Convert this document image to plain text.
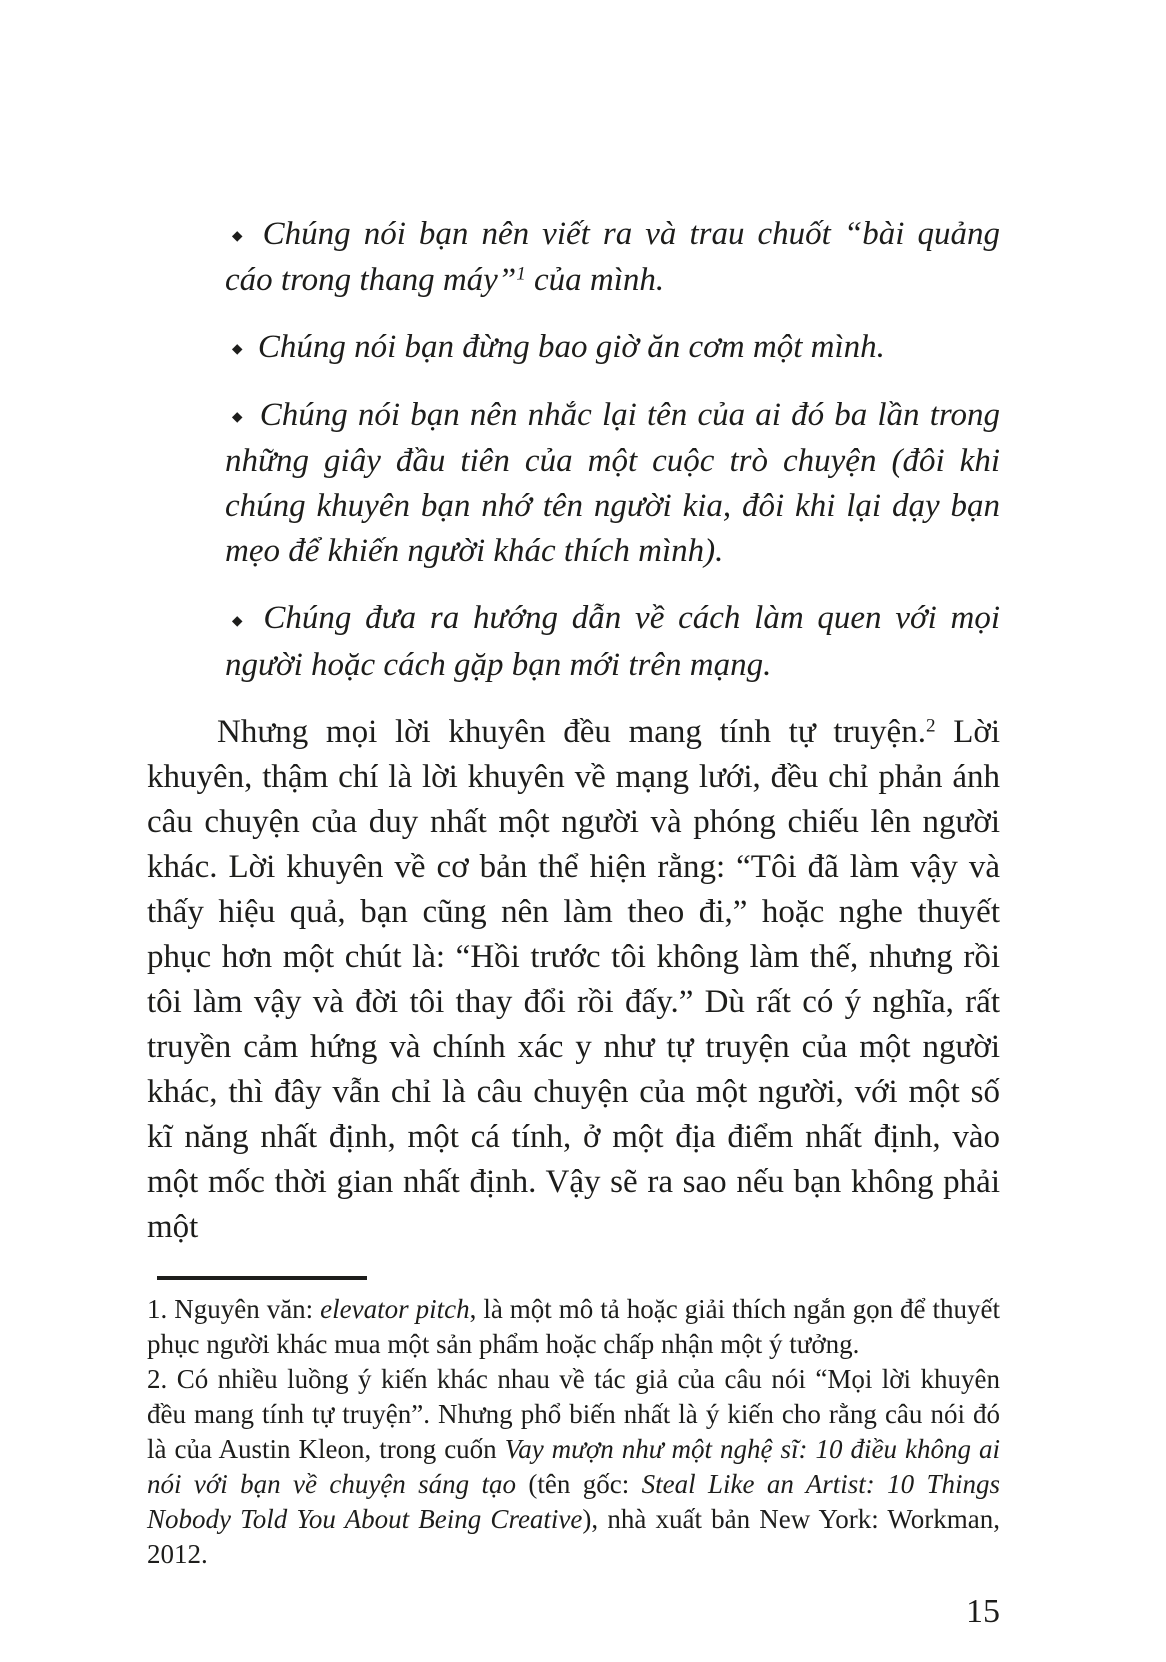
◆ Chúng nói bạn nên viết ra và trau chuốt “bài quảng cáo trong thang máy”$^1$ của mình.
◆ Chúng nói bạn đừng bao giờ ăn cơm một mình.
◆ Chúng nói bạn nên nhắc lại tên của ai đó ba lần trong những giây đầu tiên của một cuộc trò chuyện (đôi khi chúng khuyên bạn nhớ tên người kia, đôi khi lại dạy bạn mẹo để khiến người khác thích mình).
◆ Chúng đưa ra hướng dẫn về cách làm quen với mọi người hoặc cách gặp bạn mới trên mạng.

Nhưng mọi lời khuyên đều mang tính tự truyện.$^2$ Lời khuyên, thậm chí là lời khuyên về mạng lưới, đều chỉ phản ánh câu chuyện của duy nhất một người và phóng chiếu lên người khác. Lời khuyên về cơ bản thể hiện rằng: “Tôi đã làm vậy và thấy hiệu quả, bạn cũng nên làm theo đi,” hoặc nghe thuyết phục hơn một chút là: “Hồi trước tôi không làm thế, nhưng rồi tôi làm vậy và đời tôi thay đổi rồi đấy.” Dù rất có ý nghĩa, rất truyền cảm hứng và chính xác y như tự truyện của một người khác, thì đây vẫn chỉ là câu chuyện của một người, với một số kĩ năng nhất định, một cá tính, ở một địa điểm nhất định, vào một mốc thời gian nhất định. Vậy sẽ ra sao nếu bạn không phải một

1. Nguyên văn: elevator pitch, là một mô tả hoặc giải thích ngắn gọn để thuyết phục người khác mua một sản phẩm hoặc chấp nhận một ý tưởng.

2. Có nhiều luồng ý kiến khác nhau về tác giả của câu nói “Mọi lời khuyên đều mang tính tự truyện”. Nhưng phổ biến nhất là ý kiến cho rằng câu nói đó là của Austin Kleon, trong cuốn Vay mượn như một nghệ sĩ: 10 điều không ai nói với bạn về chuyện sáng tạo (tên gốc: Steal Like an Artist: 10 Things Nobody Told You About Being Creative), nhà xuất bản New York: Workman, 2012.

15
